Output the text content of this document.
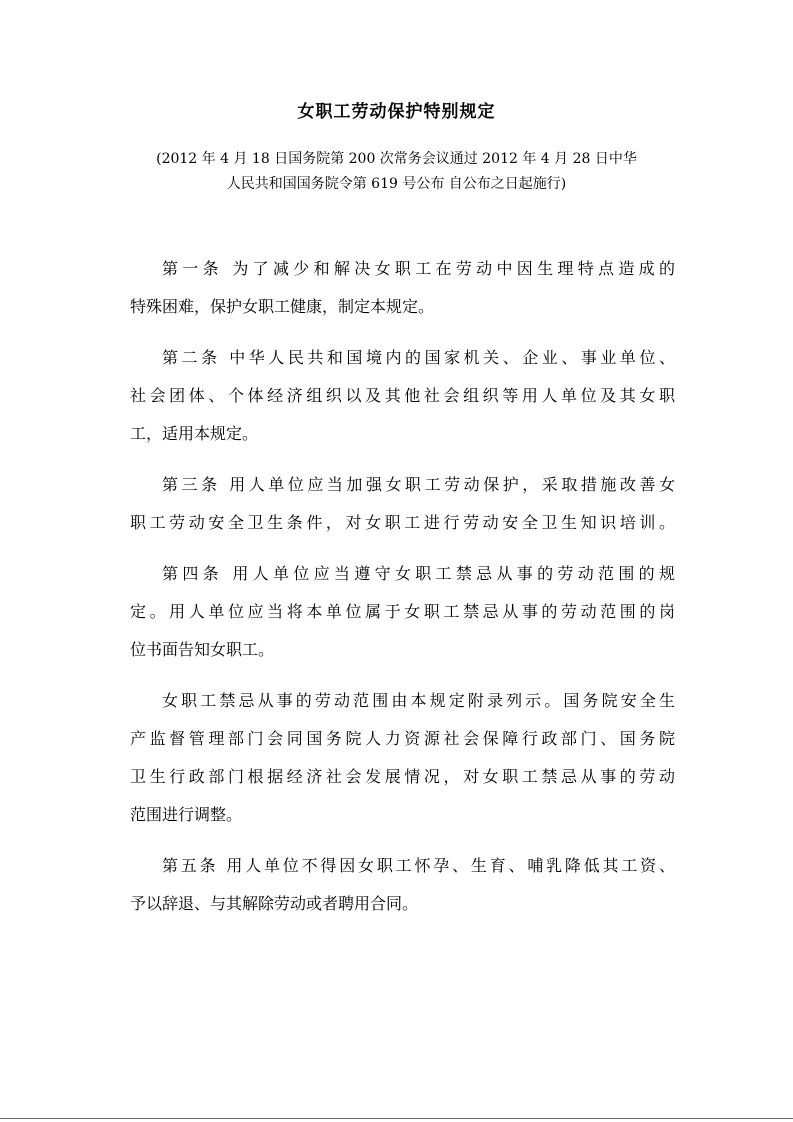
女职工劳动保护特别规定
(2012 年 4 月 18 日国务院第 200 次常务会议通过 2012 年 4 月 28 日中华
人民共和国国务院令第 619 号公布 自公布之日起施行)

第一条 为了减少和解决女职工在劳动中因生理特点造成的
特殊困难，保护女职工健康，制定本规定。

第二条 中华人民共和国境内的国家机关、企业、事业单位、
社会团体、个体经济组织以及其他社会组织等用人单位及其女职
工，适用本规定。

第三条 用人单位应当加强女职工劳动保护，采取措施改善女
职工劳动安全卫生条件，对女职工进行劳动安全卫生知识培训。

第四条 用人单位应当遵守女职工禁忌从事的劳动范围的规
定。用人单位应当将本单位属于女职工禁忌从事的劳动范围的岗
位书面告知女职工。

女职工禁忌从事的劳动范围由本规定附录列示。国务院安全生
产监督管理部门会同国务院人力资源社会保障行政部门、国务院
卫生行政部门根据经济社会发展情况，对女职工禁忌从事的劳动
范围进行调整。

第五条 用人单位不得因女职工怀孕、生育、哺乳降低其工资、
予以辞退、与其解除劳动或者聘用合同。
